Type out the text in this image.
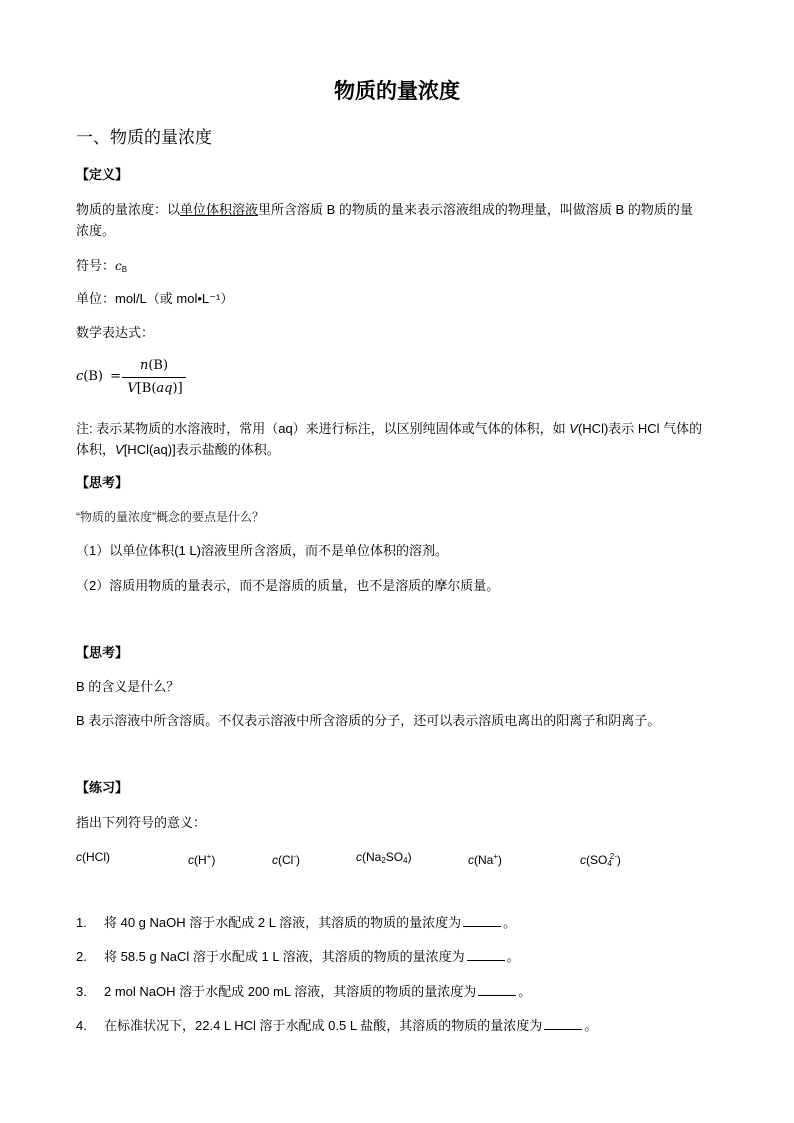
物质的量浓度
一、物质的量浓度
【定义】
物质的量浓度：以单位体积溶液里所含溶质 B 的物质的量来表示溶液组成的物理量，叫做溶质 B 的物质的量
浓度。
符号：$c_B$
单位：mol/L（或 mol•L⁻¹）
数学表达式：
c(B) =
n(B)
V[B(aq)]
注: 表示某物质的水溶液时，常用（aq）来进行标注，以区别纯固体或气体的体积，如 V(HCl)表示 HCl 气体的
体积，V[HCl(aq)]表示盐酸的体积。
【思考】
“物质的量浓度”概念的要点是什么？
（1）以单位体积(1 L)溶液里所含溶质，而不是单位体积的溶剂。
（2）溶质用物质的量表示，而不是溶质的质量，也不是溶质的摩尔质量。
【思考】
B 的含义是什么？
B 表示溶液中所含溶质。不仅表示溶液中所含溶质的分子，还可以表示溶质电离出的阳离子和阴离子。
【练习】
指出下列符号的意义：
c(HCl)	c(H+)	c(Cl-)	$c(Na_2SO_4)$	c(Na+)	$c(SO_4^{2-})$
1. 将 40 g NaOH 溶于水配成 2 L 溶液，其溶质的物质的量浓度为	。
2. 将 58.5 g NaCl 溶于水配成 1 L 溶液，其溶质的物质的量浓度为	。
3. 2 mol NaOH 溶于水配成 200 mL 溶液，其溶质的物质的量浓度为	。
4. 在标准状况下，22.4 L HCl 溶于水配成 0.5 L 盐酸，其溶质的物质的量浓度为	。
